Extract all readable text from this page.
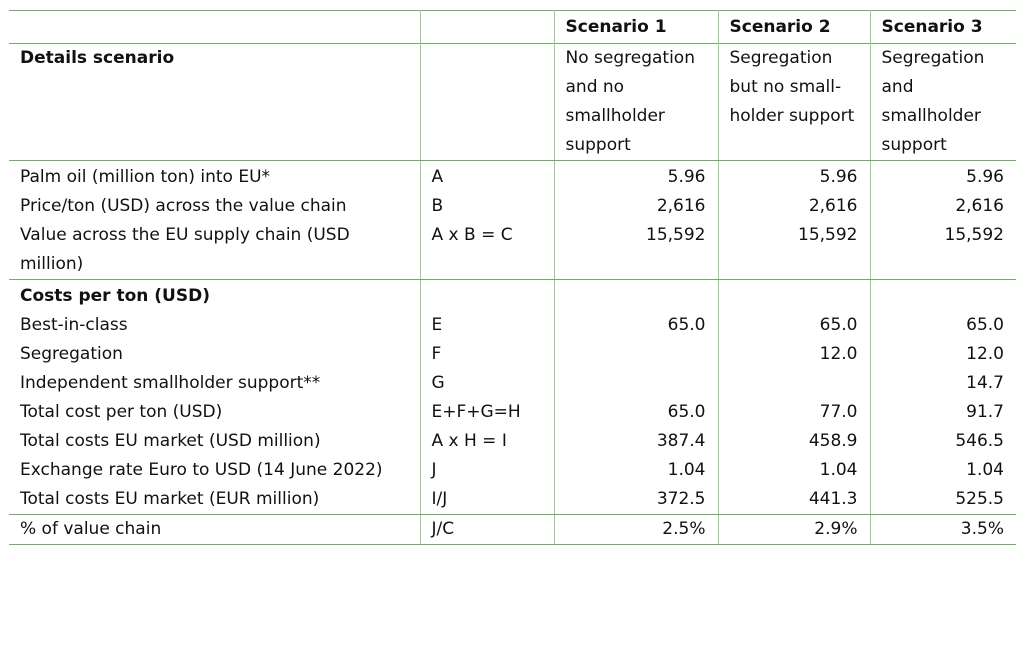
		Scenario 1	Scenario 2	Scenario 3
Details scenario		No segregation and no smallholder support	Segregation but no small-holder support	Segregation and smallholder support
Palm oil (million ton) into EU*	A	5.96	5.96	5.96
Price/ton (USD) across the value chain	B	2,616	2,616	2,616
Value across the EU supply chain (USD million)	A x B = C	15,592	15,592	15,592
Costs per ton (USD)				
Best-in-class	E	65.0	65.0	65.0
Segregation	F		12.0	12.0
Independent smallholder support**	G			14.7
Total cost per ton (USD)	E+F+G=H	65.0	77.0	91.7
Total costs EU market (USD million)	A x H = I	387.4	458.9	546.5
Exchange rate Euro to USD (14 June 2022)	J	1.04	1.04	1.04
Total costs EU market (EUR million)	I/J	372.5	441.3	525.5
% of value chain	J/C	2.5%	2.9%	3.5%
